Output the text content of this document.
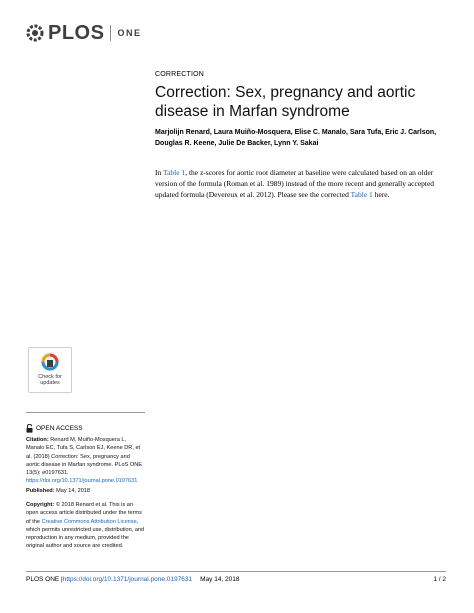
PLOS ONE
CORRECTION
Correction: Sex, pregnancy and aortic disease in Marfan syndrome
Marjolijn Renard, Laura Muiño-Mosquera, Elise C. Manalo, Sara Tufa, Eric J. Carlson, Douglas R. Keene, Julie De Backer, Lynn Y. Sakai
In Table 1, the z-scores for aortic root diameter at baseline were calculated based on an older version of the formula (Roman et al. 1989) instead of the more recent and generally accepted updated formula (Devereux et al. 2012). Please see the corrected Table 1 here.
Check for
updates
OPEN ACCESS
Citation: Renard M, Muiño-Mosquera L, Manalo EC, Tufa S, Carlson EJ, Keene DR, et al. (2018) Correction: Sex, pregnancy and aortic disease in Marfan syndrome. PLoS ONE 13(5): e0197631. https://doi.org/10.1371/journal.pone.0197631
Published: May 14, 2018
Copyright: © 2018 Renard et al. This is an open access article distributed under the terms of the Creative Commons Attribution License, which permits unrestricted use, distribution, and reproduction in any medium, provided the original author and source are credited.
PLOS ONE | https://doi.org/10.1371/journal.pone.0197631 May 14, 2018	1 / 2
